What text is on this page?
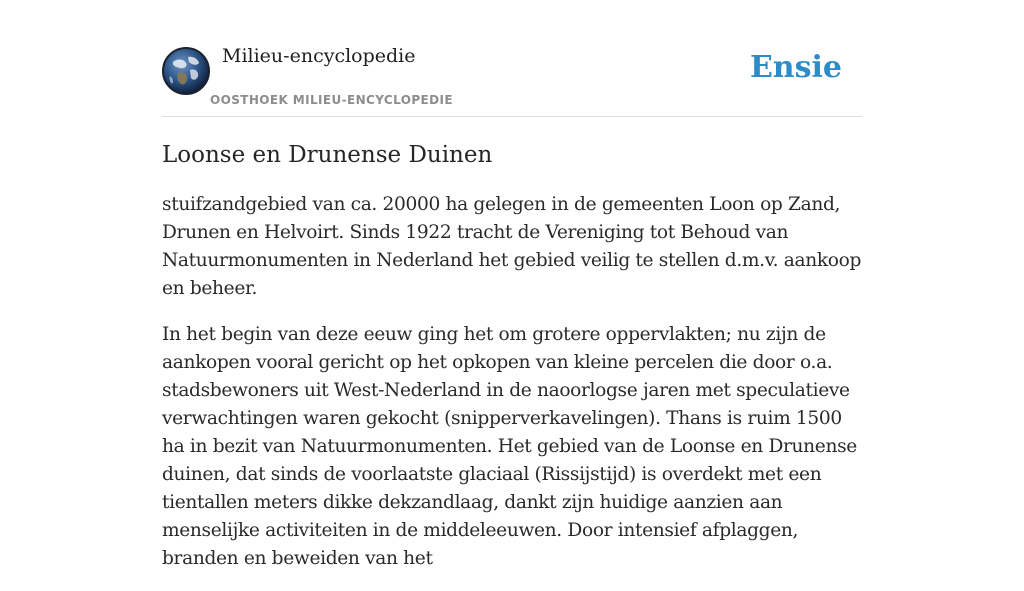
Milieu-encyclopedie
OOSTHOEK MILIEU-ENCYCLOPEDIE
Ensie
Loonse en Drunense Duinen

stuifzandgebied van ca. 20000 ha gelegen in de gemeenten Loon op Zand, Drunen en Helvoirt. Sinds 1922 tracht de Vereniging tot Behoud van Natuurmonumenten in Nederland het gebied veilig te stellen d.m.v. aankoop en beheer.

In het begin van deze eeuw ging het om grotere oppervlakten; nu zijn de aankopen vooral gericht op het opkopen van kleine percelen die door o.a. stadsbewoners uit West-Nederland in de naoorlogse jaren met speculatieve verwachtingen waren gekocht (snipperverkavelingen). Thans is ruim 1500 ha in bezit van Natuurmonumenten. Het gebied van de Loonse en Drunense duinen, dat sinds de voorlaatste glaciaal (Rissijstijd) is overdekt met een tientallen meters dikke dekzandlaag, dankt zijn huidige aanzien aan menselijke activiteiten in de middeleeuwen. Door intensief afplaggen, branden en beweiden van het
